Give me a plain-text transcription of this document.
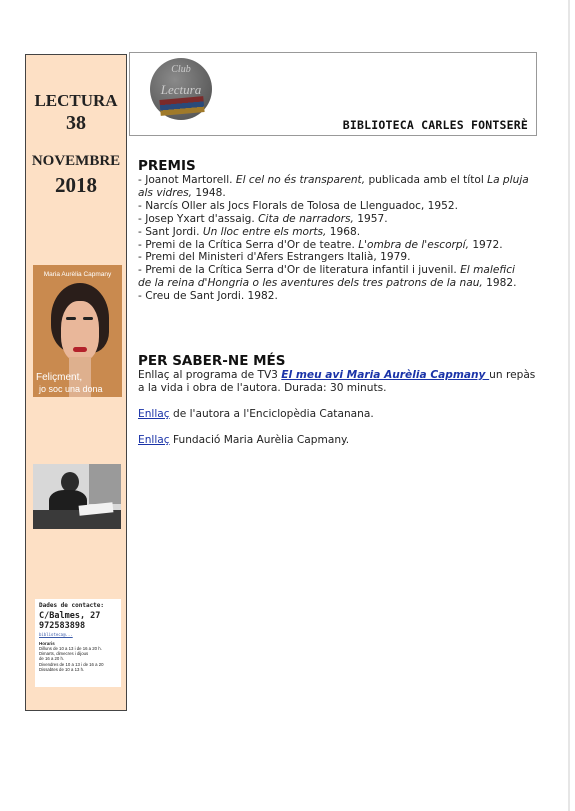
LECTURA
38
NOVEMBRE
2018
Maria Aurèlia Capmany
Feliçment,
jo soc una dona
Dades de contacte:
C/Balmes, 27
972583898
biblioteca@...
Horaris
Dilluns de 10 a 13 i de 16 a 20 h.
Dimarts, dimecres i dijous
de 16 a 20 h.
Divendres de 10 a 13 i de 16 a 20
Dissabtes de 10 a 13 h.
Club
Lectura
BIBLIOTECA CARLES FONTSERÈ
PREMIS
- Joanot Martorell. El cel no és transparent, publicada amb el títol La pluja
als vidres, 1948.
- Narcís Oller als Jocs Florals de Tolosa de Llenguadoc, 1952.
- Josep Yxart d'assaig. Cita de narradors, 1957.
- Sant Jordi. Un lloc entre els morts, 1968.
- Premi de la Crítica Serra d'Or de teatre. L'ombra de l'escorpí, 1972.
- Premi del Ministeri d'Afers Estrangers Italià, 1979.
- Premi de la Crítica Serra d'Or de literatura infantil i juvenil. El malefici
de la reina d'Hongria o les aventures dels tres patrons de la nau, 1982.
- Creu de Sant Jordi. 1982.
PER SABER-NE MÉS
Enllaç al programa de TV3 El meu avi Maria Aurèlia Capmany un repàs
a la vida i obra de l'autora. Durada: 30 minuts.
Enllaç de l'autora a l'Enciclopèdia Catanana.
Enllaç Fundació Maria Aurèlia Capmany.
